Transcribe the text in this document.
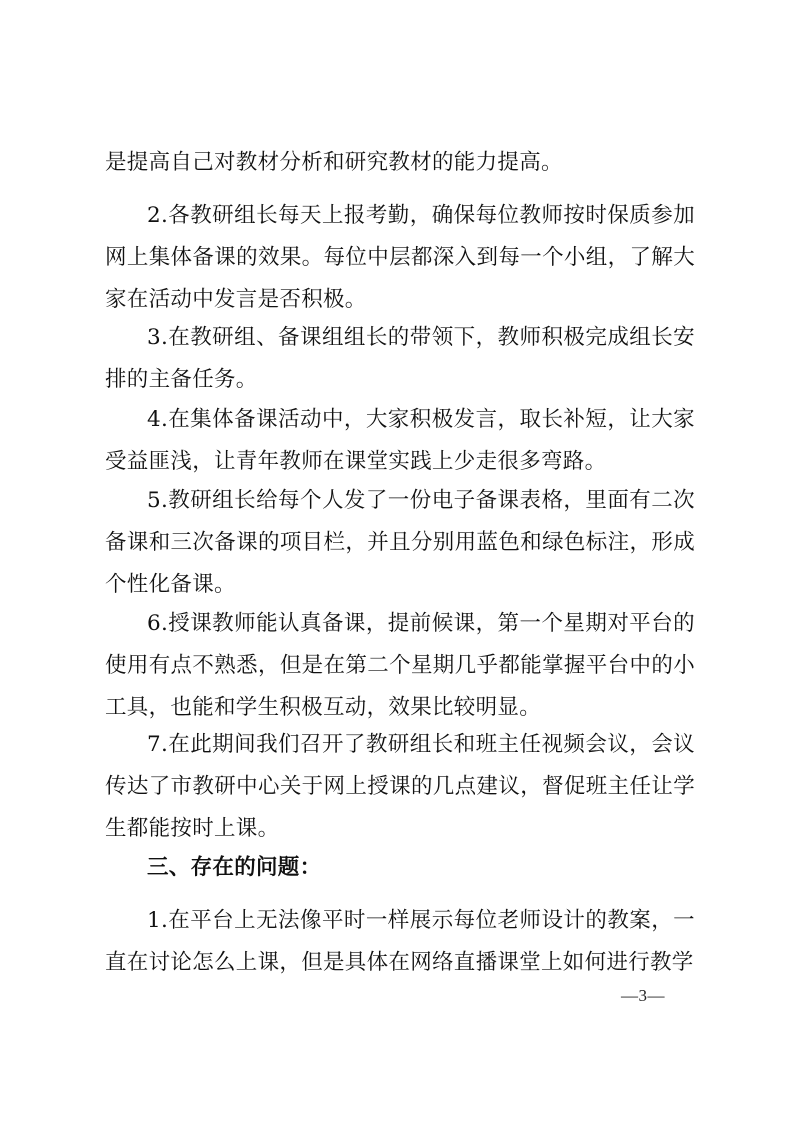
是提高自己对教材分析和研究教材的能力提高。

2.各教研组长每天上报考勤，确保每位教师按时保质参加网上集体备课的效果。每位中层都深入到每一个小组，了解大家在活动中发言是否积极。

3.在教研组、备课组组长的带领下，教师积极完成组长安排的主备任务。

4.在集体备课活动中，大家积极发言，取长补短，让大家受益匪浅，让青年教师在课堂实践上少走很多弯路。

5.教研组长给每个人发了一份电子备课表格，里面有二次备课和三次备课的项目栏，并且分别用蓝色和绿色标注，形成个性化备课。

6.授课教师能认真备课，提前候课，第一个星期对平台的使用有点不熟悉，但是在第二个星期几乎都能掌握平台中的小工具，也能和学生积极互动，效果比较明显。

7.在此期间我们召开了教研组长和班主任视频会议，会议传达了市教研中心关于网上授课的几点建议，督促班主任让学生都能按时上课。

三、存在的问题：

1.在平台上无法像平时一样展示每位老师设计的教案，一直在讨论怎么上课，但是具体在网络直播课堂上如何进行教学

—3—
